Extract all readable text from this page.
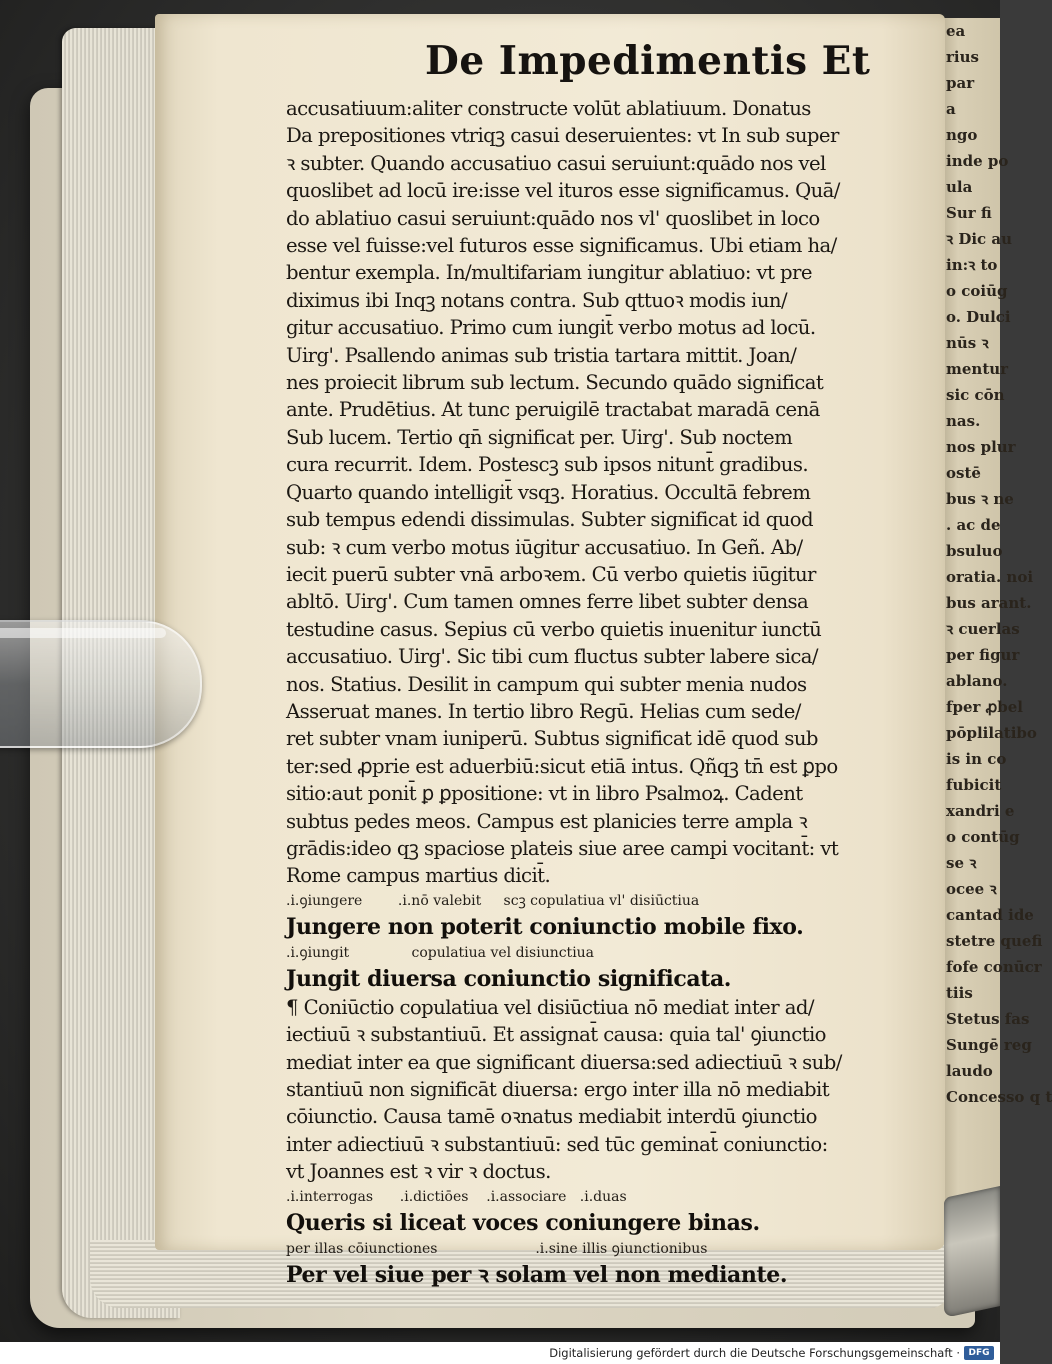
ea
rius
par
a
ngo
inde po
ula
Sur fi
ꝛ Dic au
in:ꝛ to
o coiūg
o. Dulci
nūs ꝛ
mentur
sic cōn
nas.
nos plur
ostē
bus ꝛ ne
. ac de
bsuluo
oratia. noi
bus arant.
ꝛ cuerlas
per figur
ablano.
fper ꝓbel
pōplilatibo
is in co
fubicit
xandri e
o contūg
se ꝛ
ocee ꝛ
cantad ide
stetre quefi
fofe conūcr
tiis
Stetus fas
Sungē reg
laudo
Concesso q t
De Impedimentis Et
accusatiuum:aliter constructe volūt ablatiuum. Donatus
Da prepositiones vtriqꝫ casui deseruientes: vt In sub super
ꝛ subter. Quando accusatiuo casui seruiunt:quādo nos vel
quoslibet ad locū ire:isse vel ituros esse significamus. Quā/
do ablatiuo casui seruiunt:quādo nos vl' quoslibet in loco
esse vel fuisse:vel futuros esse significamus. Ubi etiam ha/
bentur exempla. In/multifariam iungitur ablatiuo: vt pre
diximus ibi Inqꝫ notans contra. Sub qttuoꝛ modis iun/
gitur accusatiuo. Primo cum iungit̄ verbo motus ad locū.
Uirg'. Psallendo animas sub tristia tartara mittit. Joan/
nes proiecit librum sub lectum. Secundo quādo significat
ante. Prudētius. At tunc peruigilē tractabat maradā cenā
Sub lucem. Tertio qn̄ significat per. Uirg'. Sub noctem
cura recurrit. Idem. Postescꝫ sub ipsos nitunt̄ gradibus.
Quarto quando intelligit̄ vsqꝫ. Horatius. Occultā febrem
sub tempus edendi dissimulas. Subter significat id quod
sub: ꝛ cum verbo motus iūgitur accusatiuo. In Geñ. Ab/
iecit puerū subter vnā arboꝛem. Cū verbo quietis iūgitur
abltō. Uirg'. Cum tamen omnes ferre libet subter densa
testudine casus. Sepius cū verbo quietis inuenitur iunctū
accusatiuo. Uirg'. Sic tibi cum fluctus subter labere sica/
nos. Statius. Desilit in campum qui subter menia nudos
Asseruat manes. In tertio libro Regū. Helias cum sede/
ret subter vnam iuniperū. Subtus significat idē quod sub
ter:sed ꝓprie est aduerbiū:sicut etiā intus. Qñqꝫ tn̄ est ꝑpo
sitio:aut ponit̄ ꝑ ꝑpositione: vt in libro Psalmoꝝ. Cadent
subtus pedes meos. Campus est planicies terre ampla ꝛ
grādis:ideo qꝫ spaciose plateis siue aree campi vocitant̄: vt
Rome campus martius dicit̄.
.i.ꝯiungere        .i.nō valebit     scꝫ copulatiua vl' disiūctiua
Jungere non poterit coniunctio mobile fixo.
.i.ꝯiungit              copulatiua vel disiunctiua
Jungit diuersa coniunctio significata.
¶ Coniūctio copulatiua vel disiūctiua nō mediat inter ad/
iectiuū ꝛ substantiuū. Et assignat̄ causa: quia tal' ꝯiunctio
mediat inter ea que significant diuersa:sed adiectiuū ꝛ sub/
stantiuū non significāt diuersa: ergo inter illa nō mediabit
cōiunctio. Causa tamē oꝛnatus mediabit interdū ꝯiunctio
inter adiectiuū ꝛ substantiuū: sed tūc geminat̄ coniunctio:
vt Joannes est ꝛ vir ꝛ doctus.
.i.interrogas      .i.dictiōes    .i.associare   .i.duas
Queris si liceat voces coniungere binas.
per illas cōiunctiones                      .i.sine illis ꝯiunctionibus
Per vel siue per ꝛ solam vel non mediante.
Digitalisierung gefördert durch die Deutsche Forschungsgemeinschaft · DFG
